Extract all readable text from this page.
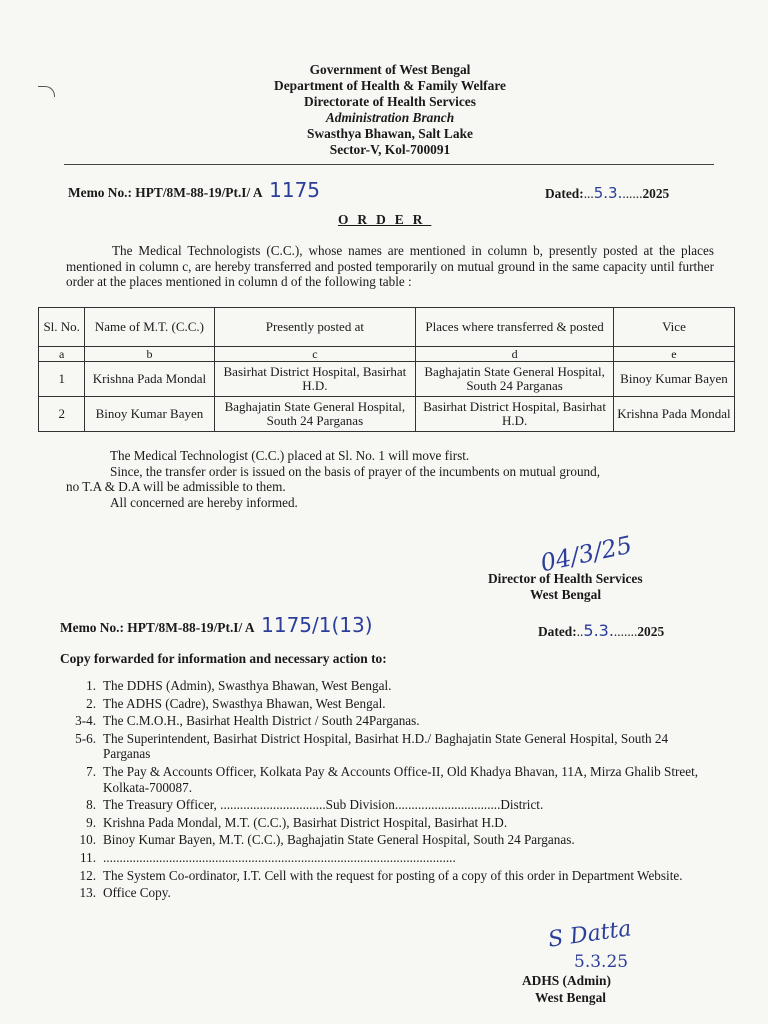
Government of West Bengal
Department of Health & Family Welfare
Directorate of Health Services
Administration Branch
Swasthya Bhawan, Salt Lake
Sector-V, Kol-700091
Memo No.: HPT/8M-88-19/Pt.I/ A 1175	Dated:...5.3.......2025
ORDER
The Medical Technologists (C.C.), whose names are mentioned in column b, presently posted at the places mentioned in column c, are hereby transferred and posted temporarily on mutual ground in the same capacity until further order at the places mentioned in column d of the following table :
Sl. No.	Name of M.T. (C.C.)	Presently posted at	Places where transferred & posted	Vice
a	b	c	d	e
1	Krishna Pada Mondal	Basirhat District Hospital, Basirhat H.D.	Baghajatin State General Hospital, South 24 Parganas	Binoy Kumar Bayen
2	Binoy Kumar Bayen	Baghajatin State General Hospital, South 24 Parganas	Basirhat District Hospital, Basirhat H.D.	Krishna Pada Mondal

The Medical Technologist (C.C.) placed at Sl. No. 1 will move first.

Since, the transfer order is issued on the basis of prayer of the incumbents on mutual ground,

no T.A & D.A will be admissible to them.

All concerned are hereby informed.

04/3/25
Director of Health Services
West Bengal
Memo No.: HPT/8M-88-19/Pt.I/ A 1175/1(13)	Dated:..5.3........2025
Copy forwarded for information and necessary action to:
1. The DDHS (Admin), Swasthya Bhawan, West Bengal.
2. The ADHS (Cadre), Swasthya Bhawan, West Bengal.
3-4. The C.M.O.H., Basirhat Health District / South 24Parganas.
5-6. The Superintendent, Basirhat District Hospital, Basirhat H.D./ Baghajatin State General Hospital, South 24 Parganas
7. The Pay & Accounts Officer, Kolkata Pay & Accounts Office-II, Old Khadya Bhavan, 11A, Mirza Ghalib Street, Kolkata-700087.
8. The Treasury Officer, ................................Sub Division................................District.
9. Krishna Pada Mondal, M.T. (C.C.), Basirhat District Hospital, Basirhat H.D.
10. Binoy Kumar Bayen, M.T. (C.C.), Baghajatin State General Hospital, South 24 Parganas.
11. ...........................................................................................................
12. The System Co-ordinator, I.T. Cell with the request for posting of a copy of this order in Department Website.
13. Office Copy.
S Datta
5.3.25
ADHS (Admin)
West Bengal
